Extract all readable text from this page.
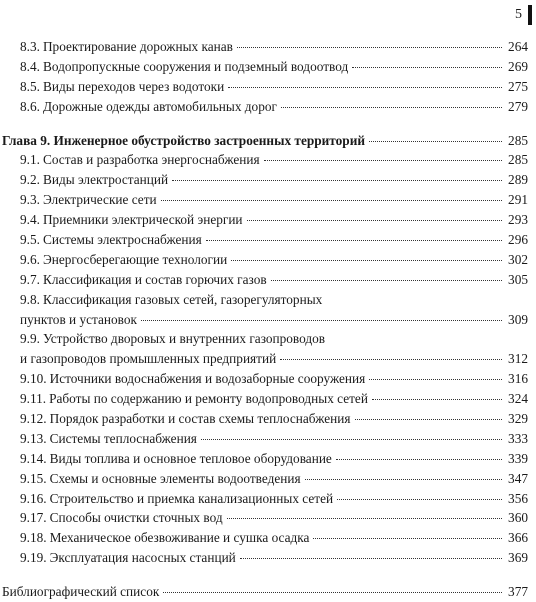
5
8.3. Проектирование дорожных канав	264
8.4. Водопропускные сооружения и подземный водоотвод	269
8.5. Виды переходов через водотоки	275
8.6. Дорожные одежды автомобильных дорог	279
Глава 9. Инженерное обустройство застроенных территорий	285
9.1. Состав и разработка энергоснабжения	285
9.2. Виды электростанций	289
9.3. Электрические сети	291
9.4. Приемники электрической энергии	293
9.5. Системы электроснабжения	296
9.6. Энергосберегающие технологии	302
9.7. Классификация и состав горючих газов	305
9.8. Классификация газовых сетей, газорегуляторных
пунктов и установок	309
9.9. Устройство дворовых и внутренних газопроводов
и газопроводов промышленных предприятий	312
9.10. Источники водоснабжения и водозаборные сооружения	316
9.11. Работы по содержанию и ремонту водопроводных сетей	324
9.12. Порядок разработки и состав схемы теплоснабжения	329
9.13. Системы теплоснабжения	333
9.14. Виды топлива и основное тепловое оборудование	339
9.15. Схемы и основные элементы водоотведения	347
9.16. Строительство и приемка канализационных сетей	356
9.17. Способы очистки сточных вод	360
9.18. Механическое обезвоживание и сушка осадка	366
9.19. Эксплуатация насосных станций	369
Библиографический список	377
